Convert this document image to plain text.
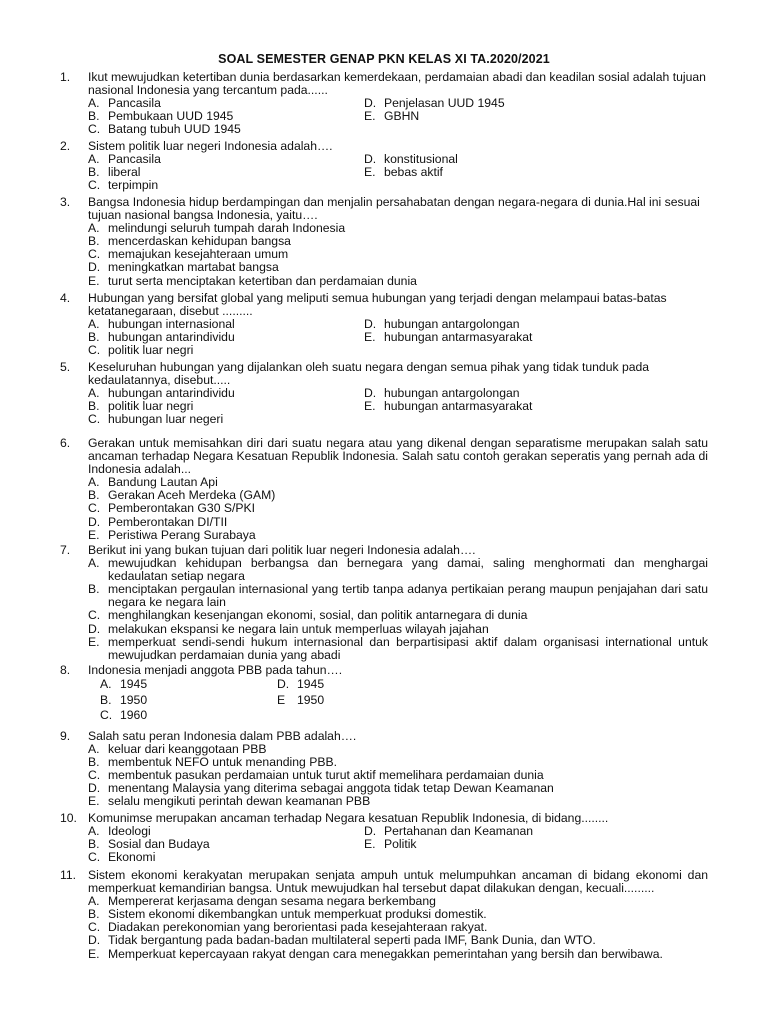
SOAL SEMESTER GENAP PKN KELAS XI TA.2020/2021
1. Ikut mewujudkan ketertiban dunia berdasarkan kemerdekaan, perdamaian abadi dan keadilan sosial adalah tujuan nasional Indonesia yang tercantum pada......

A. Pancasila
B. Pembukaan UUD 1945
C. Batang tubuh UUD 1945
D. Penjelasan UUD 1945
E. GBHN
2. Sistem politik luar negeri Indonesia adalah….

A. Pancasila
B. liberal
C. terpimpin
D. konstitusional
E. bebas aktif
3. Bangsa Indonesia hidup berdampingan dan menjalin persahabatan dengan negara-negara di dunia.Hal ini sesuai tujuan nasional bangsa Indonesia, yaitu….

A. melindungi seluruh tumpah darah Indonesia
B. mencerdaskan kehidupan bangsa
C. memajukan kesejahteraan umum
D. meningkatkan martabat bangsa
E. turut serta menciptakan ketertiban dan perdamaian dunia
4. Hubungan yang bersifat global yang meliputi semua hubungan yang terjadi dengan melampaui batas-batas ketatanegaraan, disebut .........

A. hubungan internasional
B. hubungan antarindividu
C. politik luar negri
D. hubungan antargolongan
E. hubungan antarmasyarakat
5. Keseluruhan hubungan yang dijalankan oleh suatu negara dengan semua pihak yang tidak tunduk pada kedaulatannya, disebut.....

A. hubungan antarindividu
B. politik luar negri
C. hubungan luar negeri
D. hubungan antargolongan
E. hubungan antarmasyarakat
6. Gerakan untuk memisahkan diri dari suatu negara atau yang dikenal dengan separatisme merupakan salah satu ancaman terhadap Negara Kesatuan Republik Indonesia. Salah satu contoh gerakan seperatis yang pernah ada di Indonesia adalah...

A. Bandung Lautan Api
B. Gerakan Aceh Merdeka (GAM)
C. Pemberontakan G30 S/PKI
D. Pemberontakan DI/TII
E. Peristiwa Perang Surabaya
7. Berikut ini yang bukan tujuan dari politik luar negeri Indonesia adalah….

A. mewujudkan kehidupan berbangsa dan bernegara yang damai, saling menghormati dan menghargai kedaulatan setiap negara
B. menciptakan pergaulan internasional yang tertib tanpa adanya pertikaian perang maupun penjajahan dari satu negara ke negara lain
C. menghilangkan kesenjangan ekonomi, sosial, dan politik antarnegara di dunia
D. melakukan ekspansi ke negara lain untuk memperluas wilayah jajahan
E. memperkuat sendi-sendi hukum internasional dan berpartisipasi aktif dalam organisasi international untuk mewujudkan perdamaian dunia yang abadi
8. Indonesia menjadi anggota PBB pada tahun….

A. 1945
B. 1950
C. 1960
D. 1945
E 1950
9. Salah satu peran Indonesia dalam PBB adalah….

A. keluar dari keanggotaan PBB
B. membentuk NEFO untuk menanding PBB.
C. membentuk pasukan perdamaian untuk turut aktif memelihara perdamaian dunia
D. menentang Malaysia yang diterima sebagai anggota tidak tetap Dewan Keamanan
E. selalu mengikuti perintah dewan keamanan PBB
10. Komunimse merupakan ancaman terhadap Negara kesatuan Republik Indonesia, di bidang........

A. Ideologi
B. Sosial dan Budaya
C. Ekonomi
D. Pertahanan dan Keamanan
E. Politik
11. Sistem ekonomi kerakyatan merupakan senjata ampuh untuk melumpuhkan ancaman di bidang ekonomi dan memperkuat kemandirian bangsa. Untuk mewujudkan hal tersebut dapat dilakukan dengan, kecuali.........

A. Mempererat kerjasama dengan sesama negara berkembang
B. Sistem ekonomi dikembangkan untuk memperkuat produksi domestik.
C. Diadakan perekonomian yang berorientasi pada kesejahteraan rakyat.
D. Tidak bergantung pada badan-badan multilateral seperti pada IMF, Bank Dunia, dan WTO.
E. Memperkuat kepercayaan rakyat dengan cara menegakkan pemerintahan yang bersih dan berwibawa.
